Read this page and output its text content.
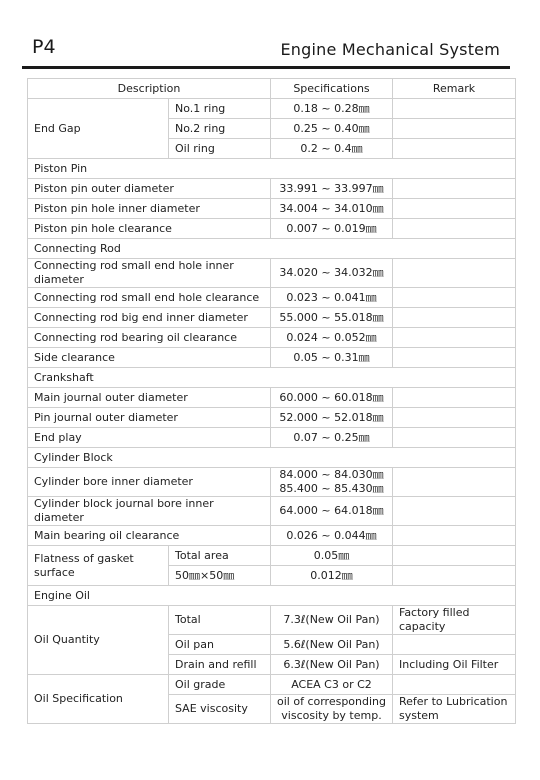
P4	Engine Mechanical System
Description		Specifications	Remark
End Gap	No.1 ring	0.18 ~ 0.28㎜	
	No.2 ring	0.25 ~ 0.40㎜	
	Oil ring	0.2 ~ 0.4㎜	
Piston Pin			
Piston pin outer diameter		33.991 ~ 33.997㎜	
Piston pin hole inner diameter		34.004 ~ 34.010㎜	
Piston pin hole clearance		0.007 ~ 0.019㎜	
Connecting Rod			
Connecting rod small end hole inner diameter		34.020 ~ 34.032㎜	
Connecting rod small end hole clearance		0.023 ~ 0.041㎜	
Connecting rod big end inner diameter		55.000 ~ 55.018㎜	
Connecting rod bearing oil clearance		0.024 ~ 0.052㎜	
Side clearance		0.05 ~ 0.31㎜	
Crankshaft			
Main journal outer diameter		60.000 ~ 60.018㎜	
Pin journal outer diameter		52.000 ~ 52.018㎜	
End play		0.07 ~ 0.25㎜	
Cylinder Block			
Cylinder bore inner diameter		84.000 ~ 84.030㎜
85.400 ~ 85.430㎜	

Cylinder block journal bore inner diameter		64.000 ~ 64.018㎜	
Main bearing oil clearance		0.026 ~ 0.044㎜	
Flatness of gasket surface	Total area	0.05㎜	
	50㎜×50㎜	0.012㎜	
Engine Oil			
Oil Quantity	Total	7.3ℓ(New Oil Pan)	Factory filled capacity
	Oil pan	5.6ℓ(New Oil Pan)	
	Drain and refill	6.3ℓ(New Oil Pan)	Including Oil Filter
Oil Specification	Oil grade	ACEA C3 or C2	
	SAE viscosity	oil of corresponding viscosity by temp.	Refer to Lubrication system
